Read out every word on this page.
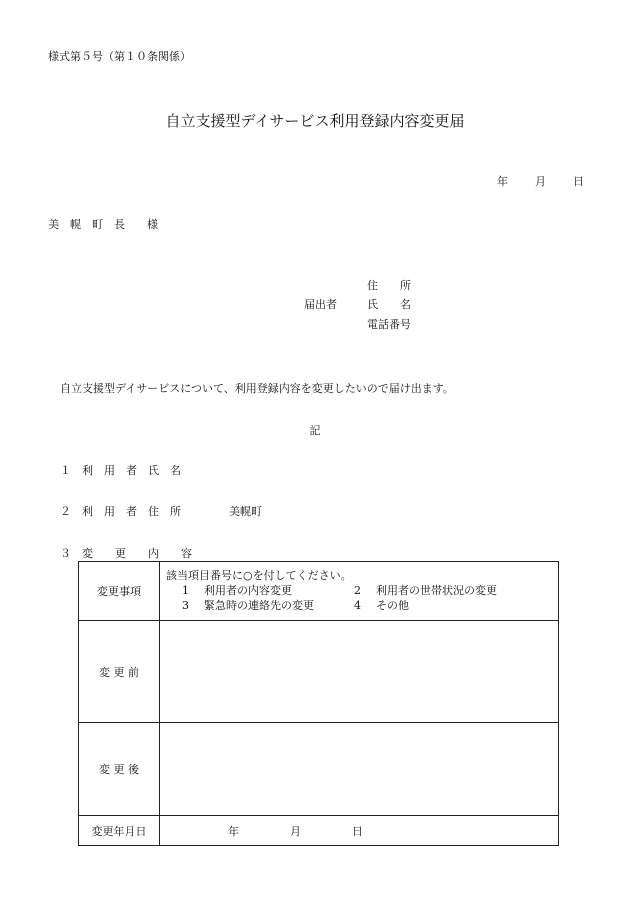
様式第５号（第１０条関係）
自立支援型デイサービス利用登録内容変更届
年 月 日
美　幌　町　長　　様
届出者
住　　所
氏　　名
電話番号
自立支援型デイサービスについて、利用登録内容を変更したいので届け出ます。
記
１　利　用　者　氏　名
２　利　用　者　住　所	美幌町
３　変　　更　　内　　容
変更事項	該当項目番号に○を付してください。
1 利用者の内容変更 2 利用者の世帯状況の変更
3 緊急時の連絡先の変更 4 その他

変 更 前	
変 更 後	
変更年月日	年 月 日
